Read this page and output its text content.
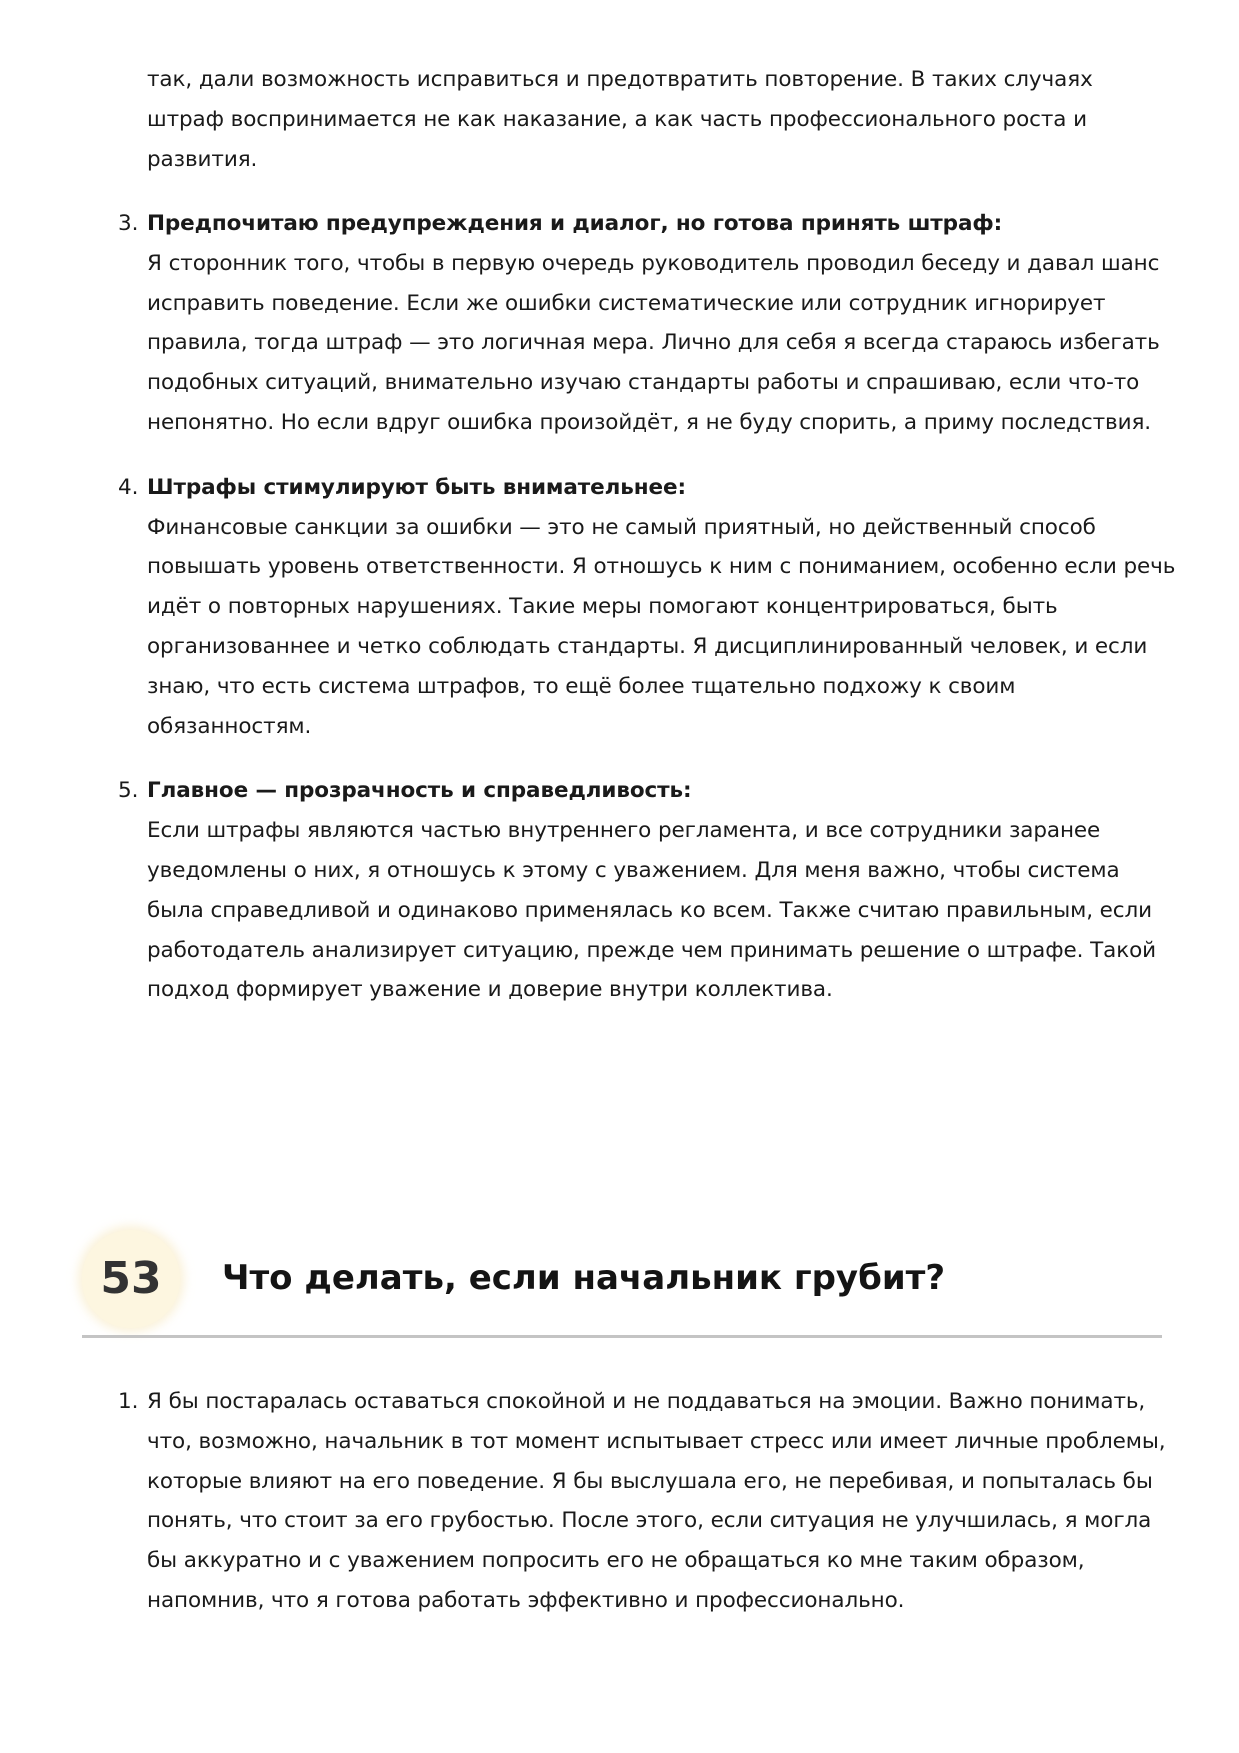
так, дали возможность исправиться и предотвратить повторение. В таких случаях штраф воспринимается не как наказание, а как часть профессионального роста и развития.

3. Предпочитаю предупреждения и диалог, но готова принять штраф:
Я сторонник того, чтобы в первую очередь руководитель проводил беседу и давал шанс исправить поведение. Если же ошибки систематические или сотрудник игнорирует правила, тогда штраф — это логичная мера. Лично для себя я всегда стараюсь избегать подобных ситуаций, внимательно изучаю стандарты работы и спрашиваю, если что-то непонятно. Но если вдруг ошибка произойдёт, я не буду спорить, а приму последствия.
4. Штрафы стимулируют быть внимательнее:
Финансовые санкции за ошибки — это не самый приятный, но действенный способ повышать уровень ответственности. Я отношусь к ним с пониманием, особенно если речь идёт о повторных нарушениях. Такие меры помогают концентрироваться, быть организованнее и четко соблюдать стандарты. Я дисциплинированный человек, и если знаю, что есть система штрафов, то ещё более тщательно подхожу к своим обязанностям.
5. Главное — прозрачность и справедливость:
Если штрафы являются частью внутреннего регламента, и все сотрудники заранее уведомлены о них, я отношусь к этому с уважением. Для меня важно, чтобы система была справедливой и одинаково применялась ко всем. Также считаю правильным, если работодатель анализирует ситуацию, прежде чем принимать решение о штрафе. Такой подход формирует уважение и доверие внутри коллектива.
53	Что делать, если начальник грубит?
1. Я бы постаралась оставаться спокойной и не поддаваться на эмоции. Важно понимать, что, возможно, начальник в тот момент испытывает стресс или имеет личные проблемы, которые влияют на его поведение. Я бы выслушала его, не перебивая, и попыталась бы понять, что стоит за его грубостью. После этого, если ситуация не улучшилась, я могла бы аккуратно и с уважением попросить его не обращаться ко мне таким образом, напомнив, что я готова работать эффективно и профессионально.
